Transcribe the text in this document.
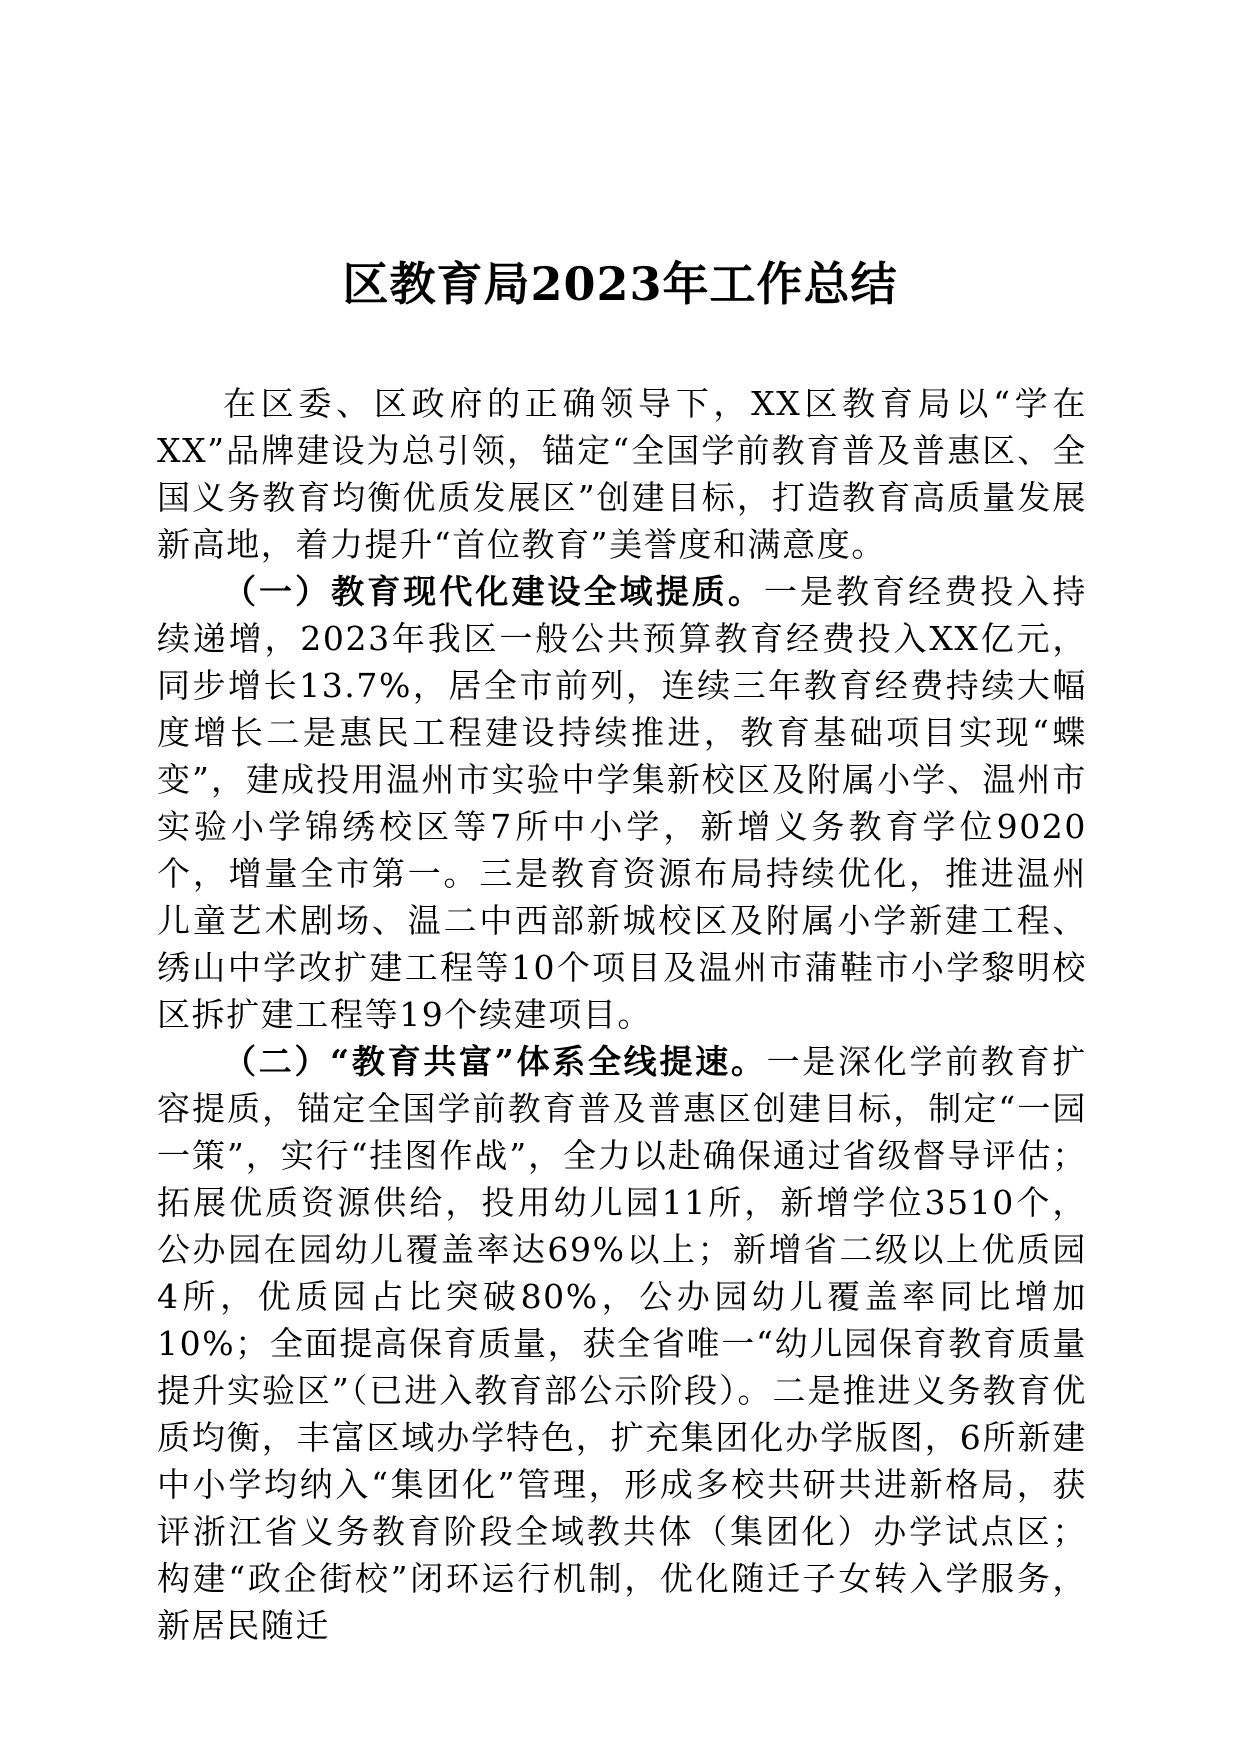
区教育局2023年工作总结

在区委、区政府的正确领导下，XX区教育局以“学在XX”品牌建设为总引领，锚定“全国学前教育普及普惠区、全国义务教育均衡优质发展区”创建目标，打造教育高质量发展新高地，着力提升“首位教育”美誉度和满意度。

（一）教育现代化建设全域提质。一是教育经费投入持续递增，2023年我区一般公共预算教育经费投入XX亿元，同步增长13.7%，居全市前列，连续三年教育经费持续大幅度增长二是惠民工程建设持续推进，教育基础项目实现“蝶变”，建成投用温州市实验中学集新校区及附属小学、温州市实验小学锦绣校区等7所中小学，新增义务教育学位9020个，增量全市第一。三是教育资源布局持续优化，推进温州儿童艺术剧场、温二中西部新城校区及附属小学新建工程、绣山中学改扩建工程等10个项目及温州市蒲鞋市小学黎明校区拆扩建工程等19个续建项目。

（二）“教育共富”体系全线提速。一是深化学前教育扩容提质，锚定全国学前教育普及普惠区创建目标，制定“一园一策”，实行“挂图作战”，全力以赴确保通过省级督导评估；拓展优质资源供给，投用幼儿园11所，新增学位3510个，公办园在园幼儿覆盖率达69%以上；新增省二级以上优质园4所，优质园占比突破80%，公办园幼儿覆盖率同比增加10%；全面提高保育质量，获全省唯一“幼儿园保育教育质量提升实验区”（已进入教育部公示阶段）。二是推进义务教育优质均衡，丰富区域办学特色，扩充集团化办学版图，6所新建中小学均纳入“集团化”管理，形成多校共研共进新格局，获评浙江省义务教育阶段全域教共体（集团化）办学试点区；构建“政企街校”闭环运行机制，优化随迁子女转入学服务，新居民随迁
